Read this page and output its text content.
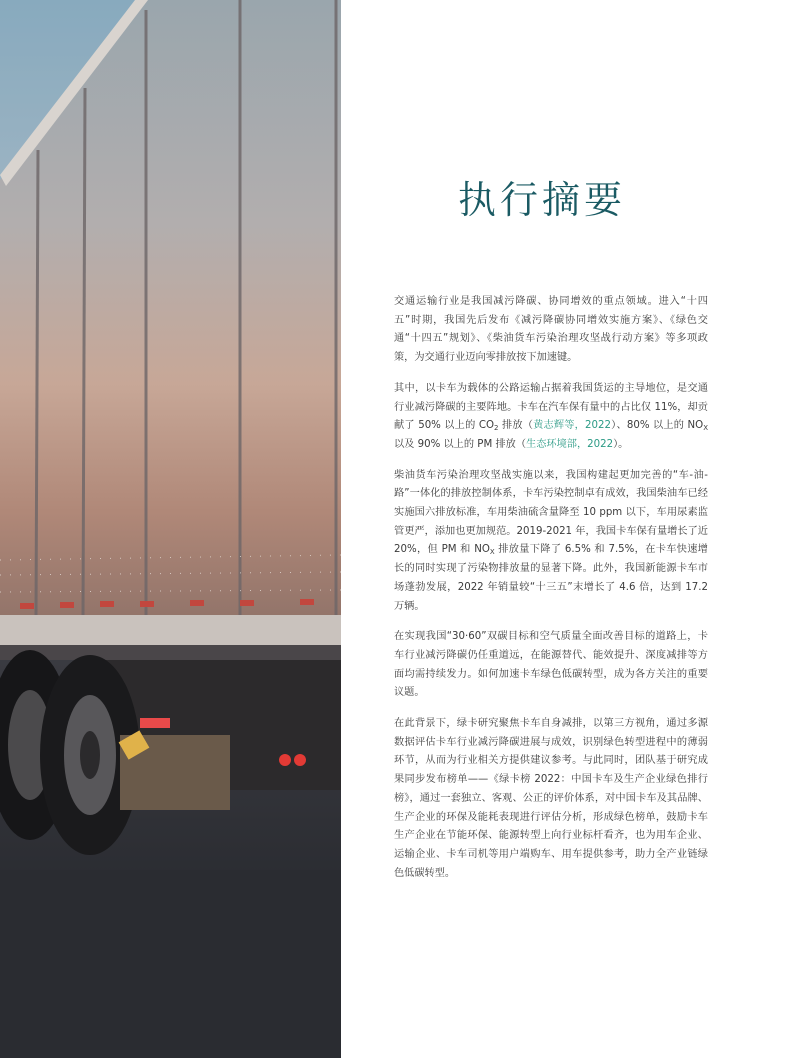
执行摘要

交通运输行业是我国减污降碳、协同增效的重点领域。进入“十四五”时期，我国先后发布《减污降碳协同增效实施方案》、《绿色交通“十四五”规划》、《柴油货车污染治理攻坚战行动方案》等多项政策，为交通行业迈向零排放按下加速键。

其中，以卡车为载体的公路运输占据着我国货运的主导地位，是交通行业减污降碳的主要阵地。卡车在汽车保有量中的占比仅 11%，却贡献了 50% 以上的 $CO_2$ 排放（黄志辉等，2022）、80% 以上的 $NO_X$ 以及 90% 以上的 PM 排放（生态环境部，2022）。

柴油货车污染治理攻坚战实施以来，我国构建起更加完善的“车-油-路”一体化的排放控制体系，卡车污染控制卓有成效，我国柴油车已经实施国六排放标准，车用柴油硫含量降至 10 ppm 以下，车用尿素监管更严，添加也更加规范。2019-2021 年，我国卡车保有量增长了近 20%，但 PM 和 $NO_X$ 排放量下降了 6.5% 和 7.5%，在卡车快速增长的同时实现了污染物排放量的显著下降。此外，我国新能源卡车市场蓬勃发展，2022 年销量较“十三五”末增长了 4.6 倍，达到 17.2 万辆。

在实现我国“30·60”双碳目标和空气质量全面改善目标的道路上，卡车行业减污降碳仍任重道远，在能源替代、能效提升、深度减排等方面均需持续发力。如何加速卡车绿色低碳转型，成为各方关注的重要议题。

在此背景下，绿卡研究聚焦卡车自身减排，以第三方视角，通过多源数据评估卡车行业减污降碳进展与成效，识别绿色转型进程中的薄弱环节，从而为行业相关方提供建议参考。与此同时，团队基于研究成果同步发布榜单——《绿卡榜 2022：中国卡车及生产企业绿色排行榜》，通过一套独立、客观、公正的评价体系，对中国卡车及其品牌、生产企业的环保及能耗表现进行评估分析，形成绿色榜单，鼓励卡车生产企业在节能环保、能源转型上向行业标杆看齐，也为用车企业、运输企业、卡车司机等用户端购车、用车提供参考，助力全产业链绿色低碳转型。
